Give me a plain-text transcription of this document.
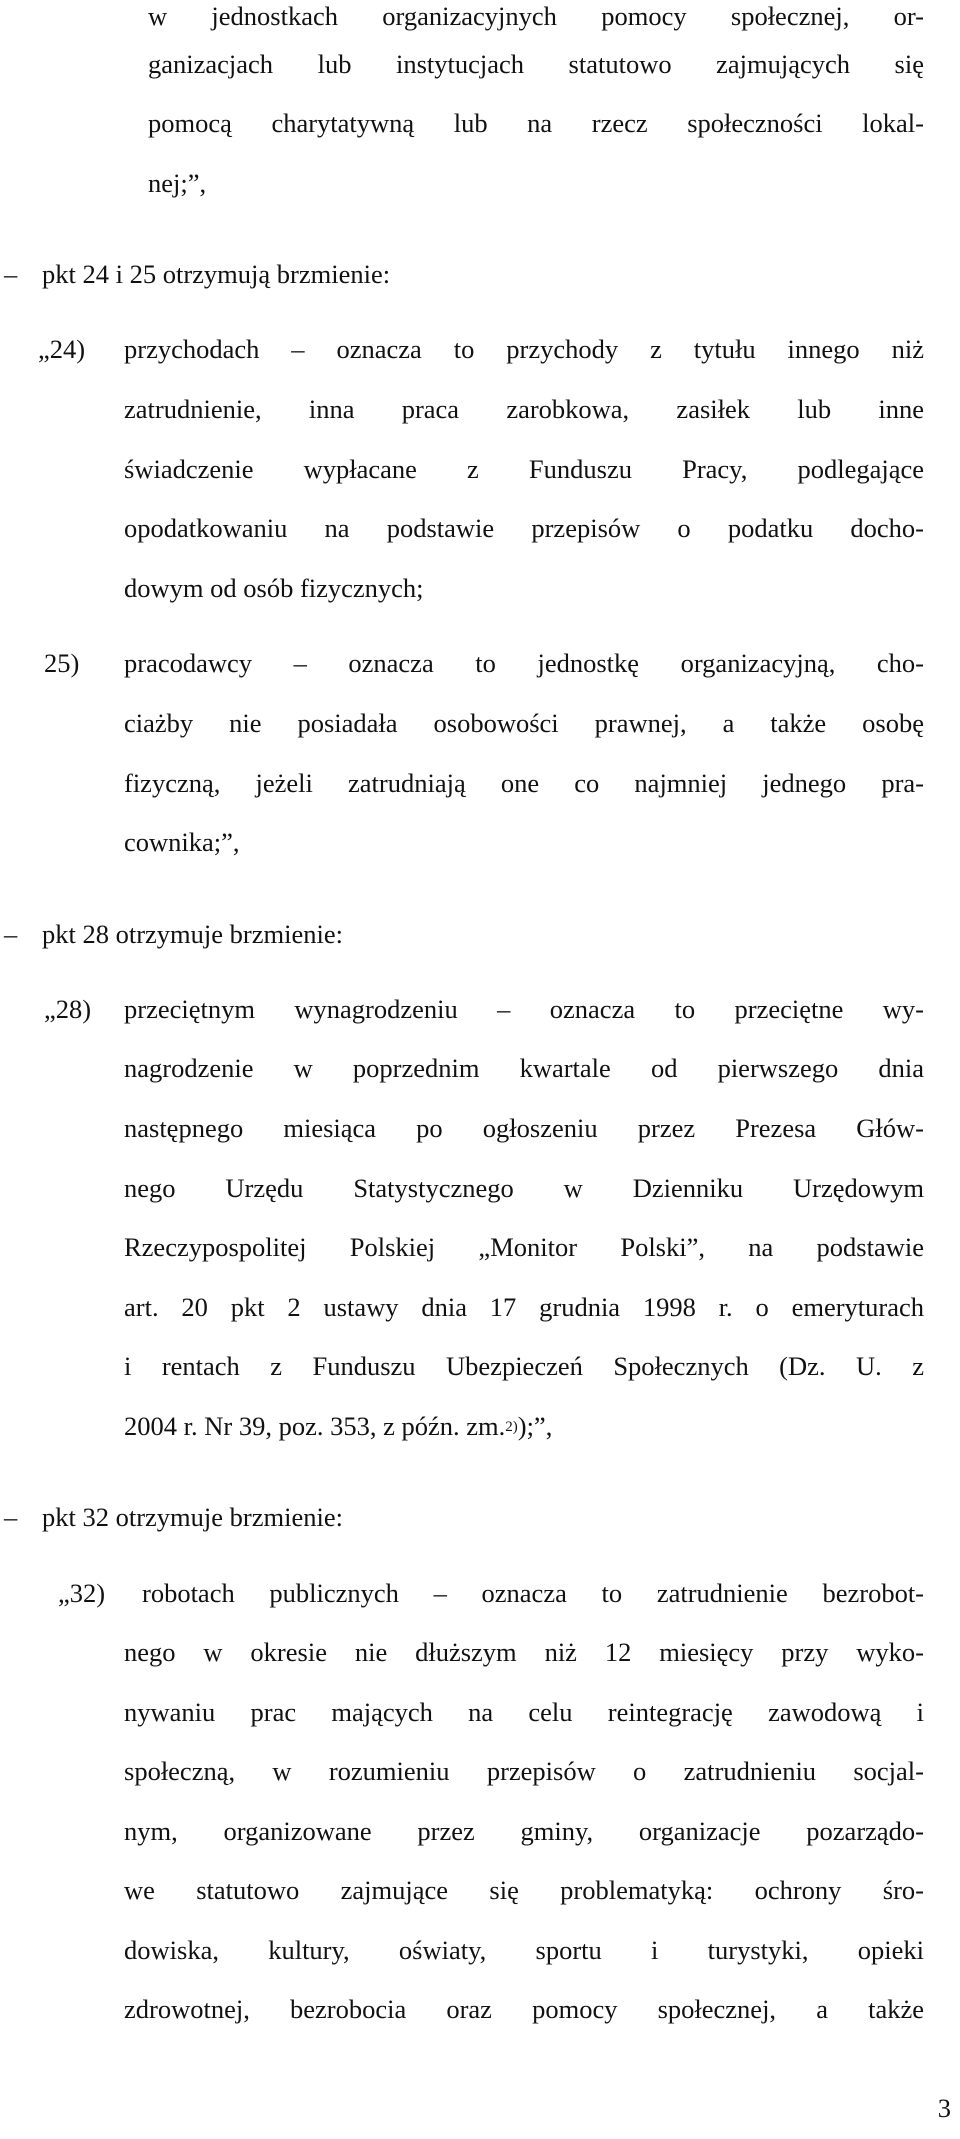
w jednostkach organizacyjnych pomocy społecznej, or-
ganizacjach lub instytucjach statutowo zajmujących się
pomocą charytatywną lub na rzecz społeczności lokal-
nej;”,
– pkt 24 i 25 otrzymują brzmienie:
„24) przychodach – oznacza to przychody z tytułu innego niż
zatrudnienie, inna praca zarobkowa, zasiłek lub inne
świadczenie wypłacane z Funduszu Pracy, podlegające
opodatkowaniu na podstawie przepisów o podatku docho-
dowym od osób fizycznych;
25) pracodawcy – oznacza to jednostkę organizacyjną, cho-
ciażby nie posiadała osobowości prawnej, a także osobę
fizyczną, jeżeli zatrudniają one co najmniej jednego pra-
cownika;”,
– pkt 28 otrzymuje brzmienie:
„28) przeciętnym wynagrodzeniu – oznacza to przeciętne wy-
nagrodzenie w poprzednim kwartale od pierwszego dnia
następnego miesiąca po ogłoszeniu przez Prezesa Głów-
nego Urzędu Statystycznego w Dzienniku Urzędowym
Rzeczypospolitej Polskiej „Monitor Polski”, na podstawie
art. 20 pkt 2 ustawy dnia 17 grudnia 1998 r. o emeryturach
i rentach z Funduszu Ubezpieczeń Społecznych (Dz. U. z
2004 r. Nr 39, poz. 353, z późn. zm.$^{2)}$);”,
– pkt 32 otrzymuje brzmienie:
„32) robotach publicznych – oznacza to zatrudnienie bezrobot-
nego w okresie nie dłuższym niż 12 miesięcy przy wyko-
nywaniu prac mających na celu reintegrację zawodową i
społeczną, w rozumieniu przepisów o zatrudnieniu socjal-
nym, organizowane przez gminy, organizacje pozarządo-
we statutowo zajmujące się problematyką: ochrony śro-
dowiska, kultury, oświaty, sportu i turystyki, opieki
zdrowotnej, bezrobocia oraz pomocy społecznej, a także
3
